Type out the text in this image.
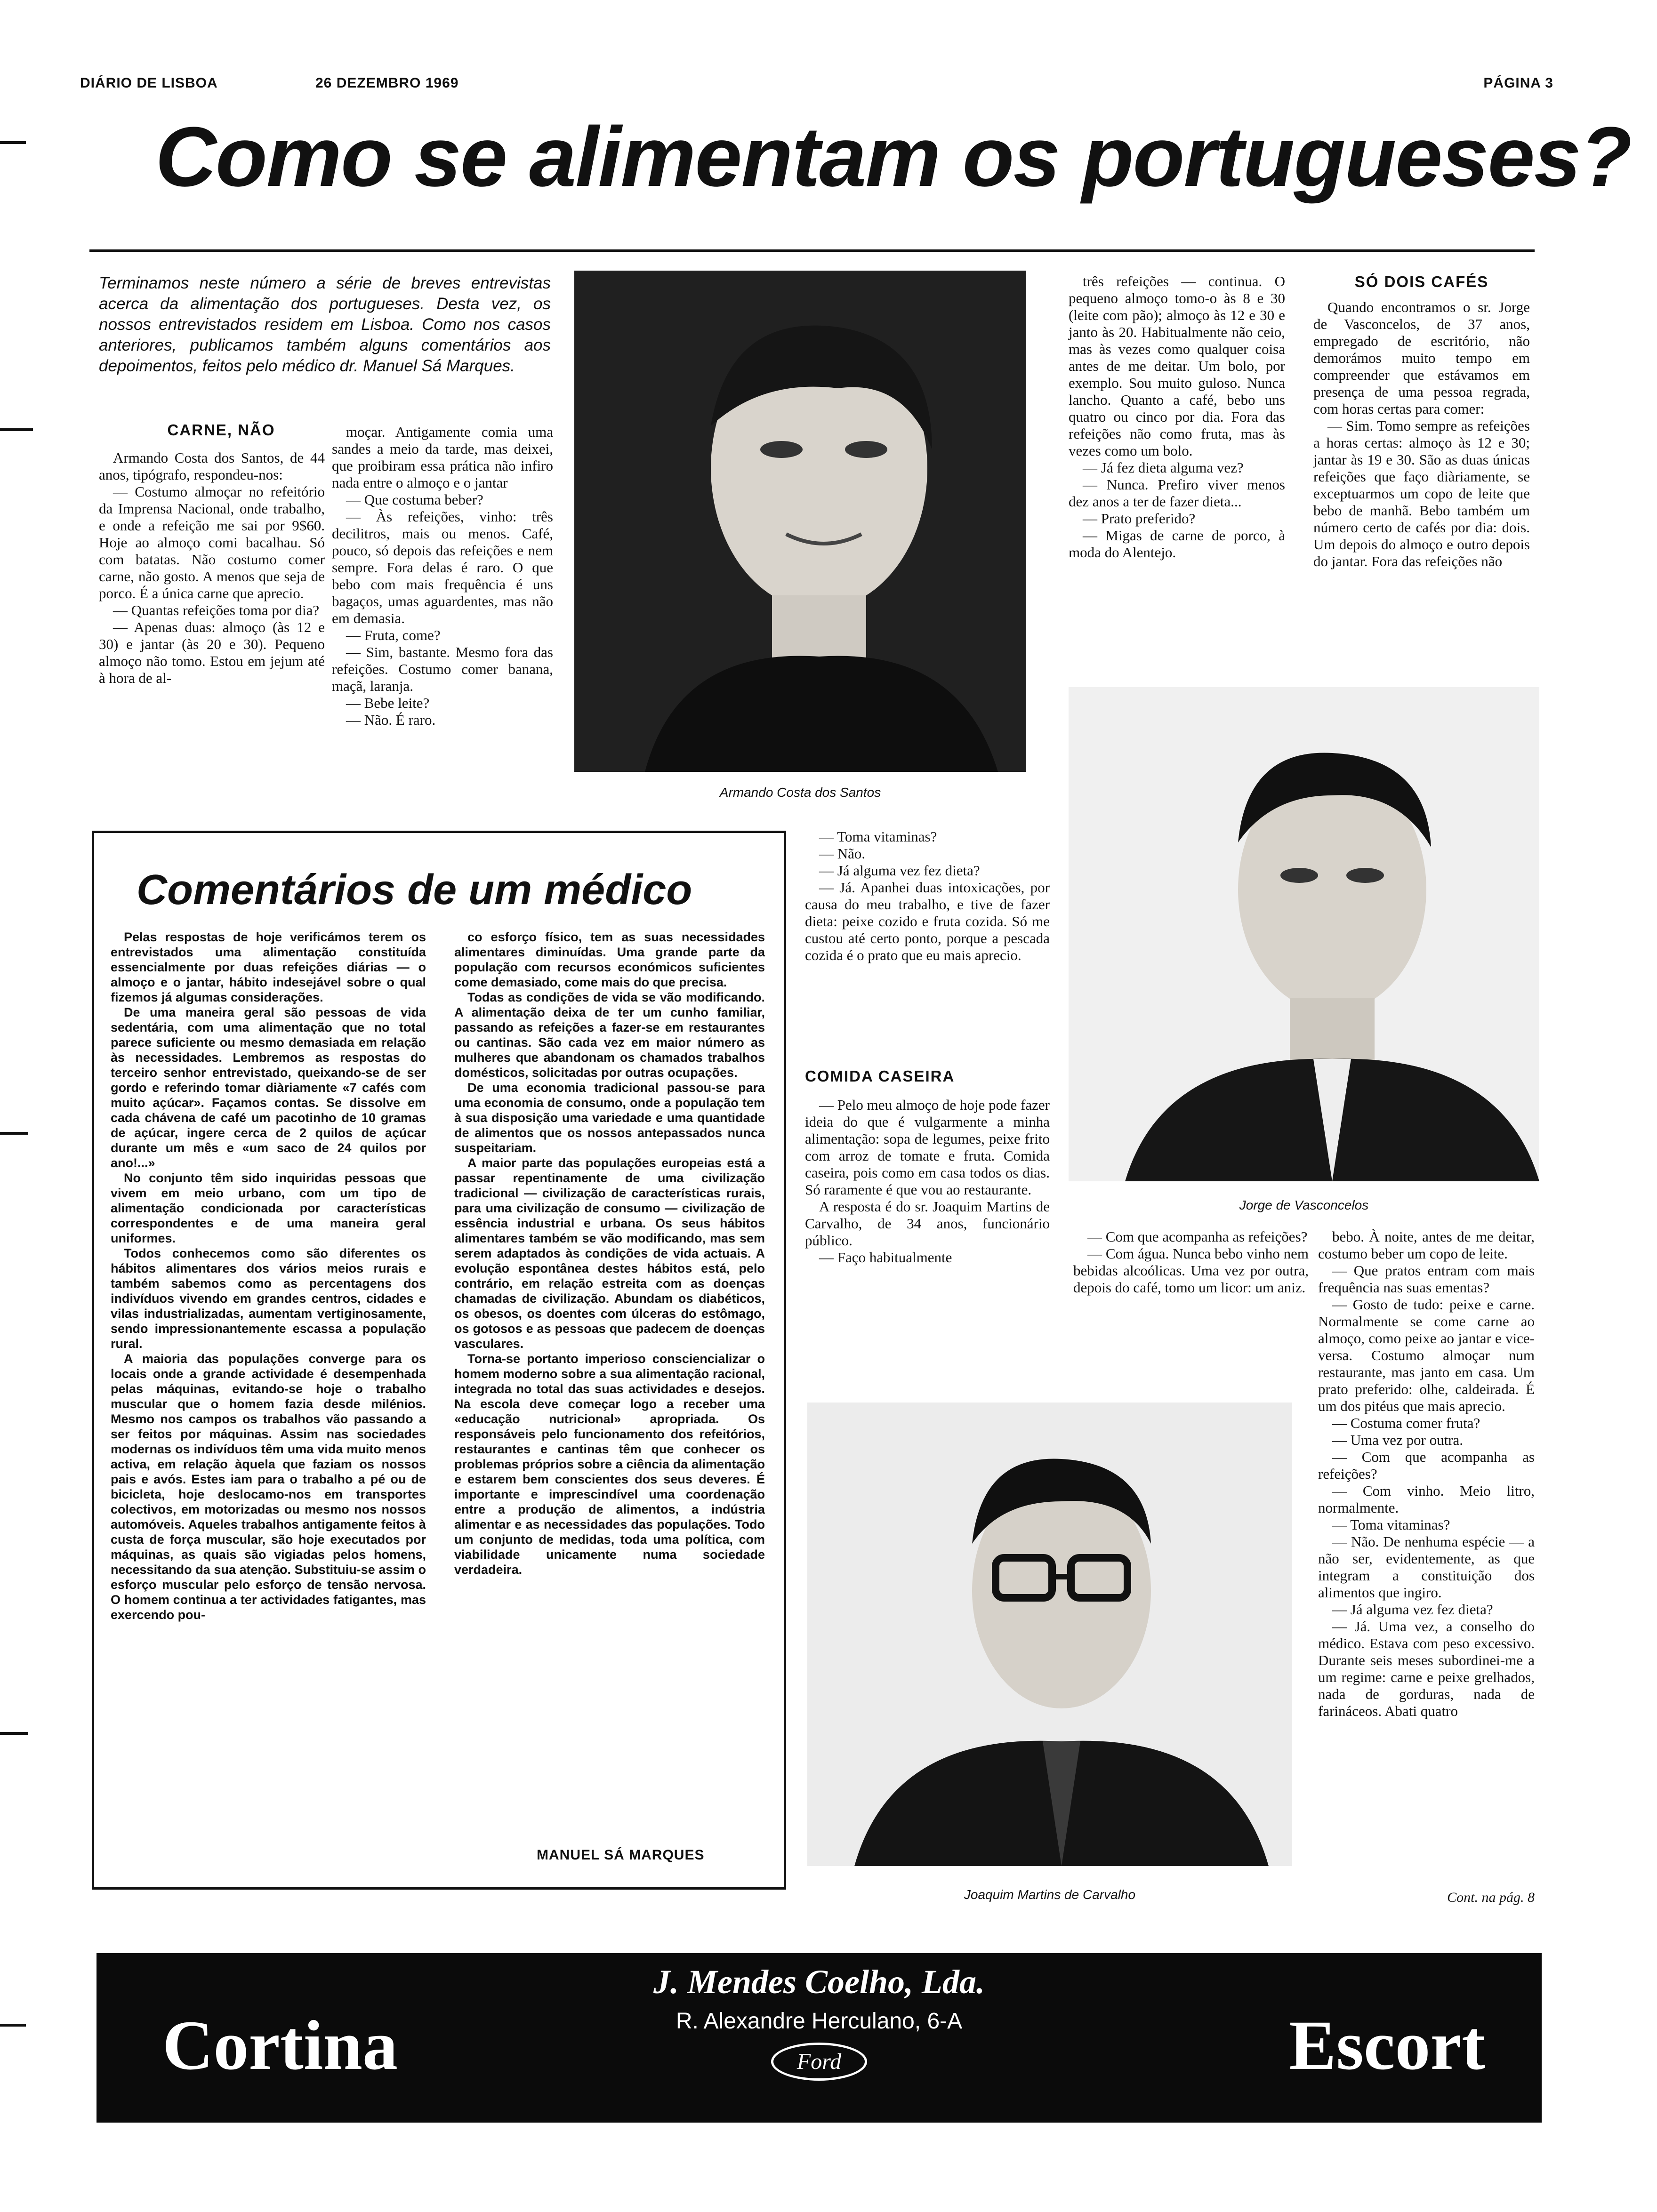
DIÁRIO DE LISBOA	26 DEZEMBRO 1969	PÁGINA 3
Como se alimentam os portugueses?
Terminamos neste número a série de breves entrevistas acerca da alimentação dos portugueses. Desta vez, os nossos entrevistados residem em Lisboa. Como nos casos anteriores, publicamos também alguns comentários aos depoimentos, feitos pelo médico dr. Manuel Sá Marques.
CARNE, NÃO

Armando Costa dos Santos, de 44 anos, tipógrafo, respondeu-nos:

— Costumo almoçar no refeitório da Imprensa Nacional, onde trabalho, e onde a refeição me sai por 9$60. Hoje ao almoço comi bacalhau. Só com batatas. Não costumo comer carne, não gosto. A menos que seja de porco. É a única carne que aprecio.

— Quantas refeições toma por dia?

— Apenas duas: almoço (às 12 e 30) e jantar (às 20 e 30). Pequeno almoço não tomo. Estou em jejum até à hora de al-

moçar. Antigamente comia uma sandes a meio da tarde, mas deixei, que proibiram essa prática não infiro nada entre o almoço e o jantar

— Que costuma beber?

— Às refeições, vinho: três decilitros, mais ou menos. Café, pouco, só depois das refeições e nem sempre. Fora delas é raro. O que bebo com mais frequência é uns bagaços, umas aguardentes, mas não em demasia.

— Fruta, come?

— Sim, bastante. Mesmo fora das refeições. Costumo comer banana, maçã, laranja.

— Bebe leite?

— Não. É raro.

Armando Costa dos Santos

três refeições — continua. O pequeno almoço tomo-o às 8 e 30 (leite com pão); almoço às 12 e 30 e janto às 20. Habitualmente não ceio, mas às vezes como qualquer coisa antes de me deitar. Um bolo, por exemplo. Sou muito guloso. Nunca lancho. Quanto a café, bebo uns quatro ou cinco por dia. Fora das refeições não como fruta, mas às vezes como um bolo.

— Já fez dieta alguma vez?

— Nunca. Prefiro viver menos dez anos a ter de fazer dieta...

— Prato preferido?

— Migas de carne de porco, à moda do Alentejo.

SÓ DOIS CAFÉS

Quando encontramos o sr. Jorge de Vasconcelos, de 37 anos, empregado de escritório, não demorámos muito tempo em compreender que estávamos em presença de uma pessoa regrada, com horas certas para comer:

— Sim. Tomo sempre as refeições a horas certas: almoço às 12 e 30; jantar às 19 e 30. São as duas únicas refeições que faço diàriamente, se exceptuarmos um copo de leite que bebo de manhã. Bebo também um número certo de cafés por dia: dois. Um depois do almoço e outro depois do jantar. Fora das refeições não

Jorge de Vasconcelos
Comentários de um médico

Pelas respostas de hoje verificámos terem os entrevistados uma alimentação constituída essencialmente por duas refeições diárias — o almoço e o jantar, hábito indesejável sobre o qual fizemos já algumas considerações.

De uma maneira geral são pessoas de vida sedentária, com uma alimentação que no total parece suficiente ou mesmo demasiada em relação às necessidades. Lembremos as respostas do terceiro senhor entrevistado, queixando-se de ser gordo e referindo tomar diàriamente «7 cafés com muito açúcar». Façamos contas. Se dissolve em cada chávena de café um pacotinho de 10 gramas de açúcar, ingere cerca de 2 quilos de açúcar durante um mês e «um saco de 24 quilos por ano!...»

No conjunto têm sido inquiridas pessoas que vivem em meio urbano, com um tipo de alimentação condicionada por características correspondentes e de uma maneira geral uniformes.

Todos conhecemos como são diferentes os hábitos alimentares dos vários meios rurais e também sabemos como as percentagens dos indivíduos vivendo em grandes centros, cidades e vilas industrializadas, aumentam vertiginosamente, sendo impressionantemente escassa a população rural.

A maioria das populações converge para os locais onde a grande actividade é desempenhada pelas máquinas, evitando-se hoje o trabalho muscular que o homem fazia desde milénios. Mesmo nos campos os trabalhos vão passando a ser feitos por máquinas. Assim nas sociedades modernas os indivíduos têm uma vida muito menos activa, em relação àquela que faziam os nossos pais e avós. Estes iam para o trabalho a pé ou de bicicleta, hoje deslocamo-nos em transportes colectivos, em motorizadas ou mesmo nos nossos automóveis. Aqueles trabalhos antigamente feitos à custa de força muscular, são hoje executados por máquinas, as quais são vigiadas pelos homens, necessitando da sua atenção. Substituiu-se assim o esforço muscular pelo esforço de tensão nervosa. O homem continua a ter actividades fatigantes, mas exercendo pou-

co esforço físico, tem as suas necessidades alimentares diminuídas. Uma grande parte da população com recursos económicos suficientes come demasiado, come mais do que precisa.

Todas as condições de vida se vão modificando. A alimentação deixa de ter um cunho familiar, passando as refeições a fazer-se em restaurantes ou cantinas. São cada vez em maior número as mulheres que abandonam os chamados trabalhos domésticos, solicitadas por outras ocupações.

De uma economia tradicional passou-se para uma economia de consumo, onde a população tem à sua disposição uma variedade e uma quantidade de alimentos que os nossos antepassados nunca suspeitariam.

A maior parte das populações europeias está a passar repentinamente de uma civilização tradicional — civilização de características rurais, para uma civilização de consumo — civilização de essência industrial e urbana. Os seus hábitos alimentares também se vão modificando, mas sem serem adaptados às condições de vida actuais. A evolução espontânea destes hábitos está, pelo contrário, em relação estreita com as doenças chamadas de civilização. Abundam os diabéticos, os obesos, os doentes com úlceras do estômago, os gotosos e as pessoas que padecem de doenças vasculares.

Torna-se portanto imperioso consciencializar o homem moderno sobre a sua alimentação racional, integrada no total das suas actividades e desejos. Na escola deve começar logo a receber uma «educação nutricional» apropriada. Os responsáveis pelo funcionamento dos refeitórios, restaurantes e cantinas têm que conhecer os problemas próprios sobre a ciência da alimentação e estarem bem conscientes dos seus deveres. É importante e imprescindível uma coordenação entre a produção de alimentos, a indústria alimentar e as necessidades das populações. Todo um conjunto de medidas, toda uma política, com viabilidade unicamente numa sociedade verdadeira.

MANUEL SÁ MARQUES

— Toma vitaminas?

— Não.

— Já alguma vez fez dieta?

— Já. Apanhei duas intoxicações, por causa do meu trabalho, e tive de fazer dieta: peixe cozido e fruta cozida. Só me custou até certo ponto, porque a pescada cozida é o prato que eu mais aprecio.

COMIDA CASEIRA

— Pelo meu almoço de hoje pode fazer ideia do que é vulgarmente a minha alimentação: sopa de legumes, peixe frito com arroz de tomate e fruta. Comida caseira, pois como em casa todos os dias. Só raramente é que vou ao restaurante.

A resposta é do sr. Joaquim Martins de Carvalho, de 34 anos, funcionário público.

— Faço habitualmente

— Com que acompanha as refeições?

— Com água. Nunca bebo vinho nem bebidas alcoólicas. Uma vez por outra, depois do café, tomo um licor: um aniz.

bebo. À noite, antes de me deitar, costumo beber um copo de leite.

— Que pratos entram com mais frequência nas suas ementas?

— Gosto de tudo: peixe e carne. Normalmente se come carne ao almoço, como peixe ao jantar e vice-versa. Costumo almoçar num restaurante, mas janto em casa. Um prato preferido: olhe, caldeirada. É um dos pitéus que mais aprecio.

— Costuma comer fruta?

— Uma vez por outra.

— Com que acompanha as refeições?

— Com vinho. Meio litro, normalmente.

— Toma vitaminas?

— Não. De nenhuma espécie — a não ser, evidentemente, as que integram a constituição dos alimentos que ingiro.

— Já alguma vez fez dieta?

— Já. Uma vez, a conselho do médico. Estava com peso excessivo. Durante seis meses subordinei-me a um regime: carne e peixe grelhados, nada de gorduras, nada de farináceos. Abati quatro

Cont. na pág. 8
Joaquim Martins de Carvalho
Cortina
J. Mendes Coelho, Lda.
R. Alexandre Herculano, 6-A
Ford	Escort
